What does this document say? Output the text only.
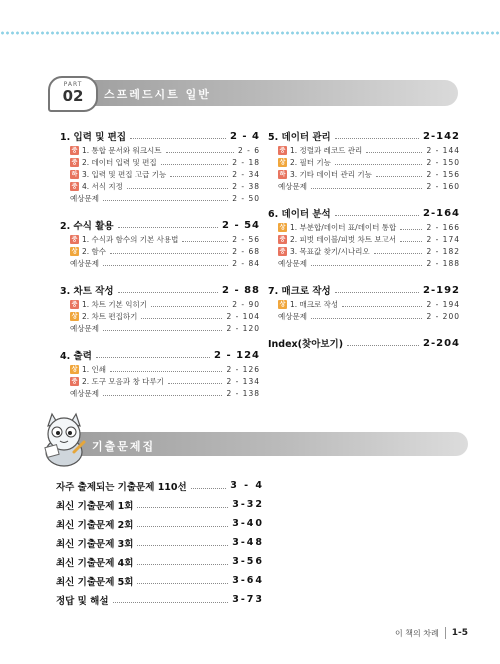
PART
02	스프레드시트 일반
1. 입력 및 편집	2 - 4
중 1. 통합 문서와 워크시트	2 - 6
중 2. 데이터 입력 및 편집	2 - 18
하 3. 입력 및 편집 고급 기능	2 - 34
중 4. 서식 지정	2 - 38
예상문제	2 - 50
2. 수식 활용	2 - 54
중 1. 수식과 함수의 기본 사용법	2 - 56
상 2. 함수	2 - 68
예상문제	2 - 84
3. 차트 작성	2 - 88
중 1. 차트 기본 익히기	2 - 90
상 2. 차트 편집하기	2 - 104
예상문제	2 - 120
4. 출력	2 - 124
상 1. 인쇄	2 - 126
중 2. 도구 모음과 창 다루기	2 - 134
예상문제	2 - 138
5. 데이터 관리	2-142
중 1. 정렬과 레코드 관리	2 - 144
상 2. 필터 기능	2 - 150
하 3. 기타 데이터 관리 기능	2 - 156
예상문제	2 - 160
6. 데이터 분석	2-164
상 1. 부분합/데이터 표/데이터 통합	2 - 166
중 2. 피벗 테이블/피벗 차트 보고서	2 - 174
중 3. 목표값 찾기/시나리오	2 - 182
예상문제	2 - 188
7. 매크로 작성	2-192
상 1. 매크로 작성	2 - 194
예상문제	2 - 200
Index(찾아보기)	2-204
기출문제집
자주 출제되는 기출문제 110선	3 - 4
최신 기출문제 1회	3-32
최신 기출문제 2회	3-40
최신 기출문제 3회	3-48
최신 기출문제 4회	3-56
최신 기출문제 5회	3-64
정답 및 해설	3-73
이 책의 차례 1-5
